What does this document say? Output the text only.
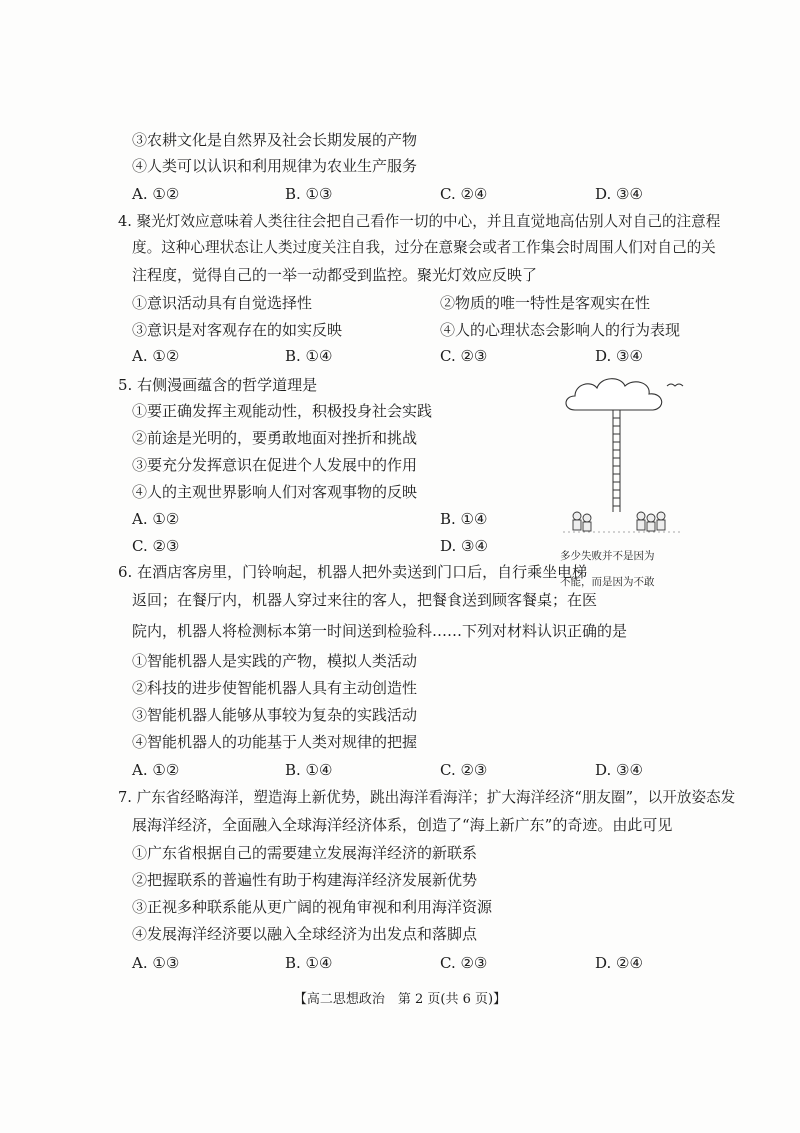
③农耕文化是自然界及社会长期发展的产物
④人类可以认识和利用规律为农业生产服务
A. ①②	B. ①③	C. ②④	D. ③④
4. 聚光灯效应意味着人类往往会把自己看作一切的中心，并且直觉地高估别人对自己的注意程
度。这种心理状态让人类过度关注自我，过分在意聚会或者工作集会时周围人们对自己的关
注程度，觉得自己的一举一动都受到监控。聚光灯效应反映了
①意识活动具有自觉选择性	②物质的唯一特性是客观实在性
③意识是对客观存在的如实反映	④人的心理状态会影响人的行为表现
A. ①②	B. ①④	C. ②③	D. ③④
5. 右侧漫画蕴含的哲学道理是
①要正确发挥主观能动性，积极投身社会实践
②前途是光明的，要勇敢地面对挫折和挑战
③要充分发挥意识在促进个人发展中的作用
④人的主观世界影响人们对客观事物的反映
A. ①②	B. ①④
C. ②③	D. ③④
多少失败并不是因为
不能，而是因为不敢
6. 在酒店客房里，门铃响起，机器人把外卖送到门口后，自行乘坐电梯
返回；在餐厅内，机器人穿过来往的客人，把餐食送到顾客餐桌；在医
院内，机器人将检测标本第一时间送到检验科……下列对材料认识正确的是
①智能机器人是实践的产物，模拟人类活动
②科技的进步使智能机器人具有主动创造性
③智能机器人能够从事较为复杂的实践活动
④智能机器人的功能基于人类对规律的把握
A. ①②	B. ①④	C. ②③	D. ③④
7. 广东省经略海洋，塑造海上新优势，跳出海洋看海洋；扩大海洋经济“朋友圈”，以开放姿态发
展海洋经济，全面融入全球海洋经济体系，创造了“海上新广东”的奇迹。由此可见
①广东省根据自己的需要建立发展海洋经济的新联系
②把握联系的普遍性有助于构建海洋经济发展新优势
③正视多种联系能从更广阔的视角审视和利用海洋资源
④发展海洋经济要以融入全球经济为出发点和落脚点
A. ①③	B. ①④	C. ②③	D. ②④
【高二思想政治　第 2 页(共 6 页)】
